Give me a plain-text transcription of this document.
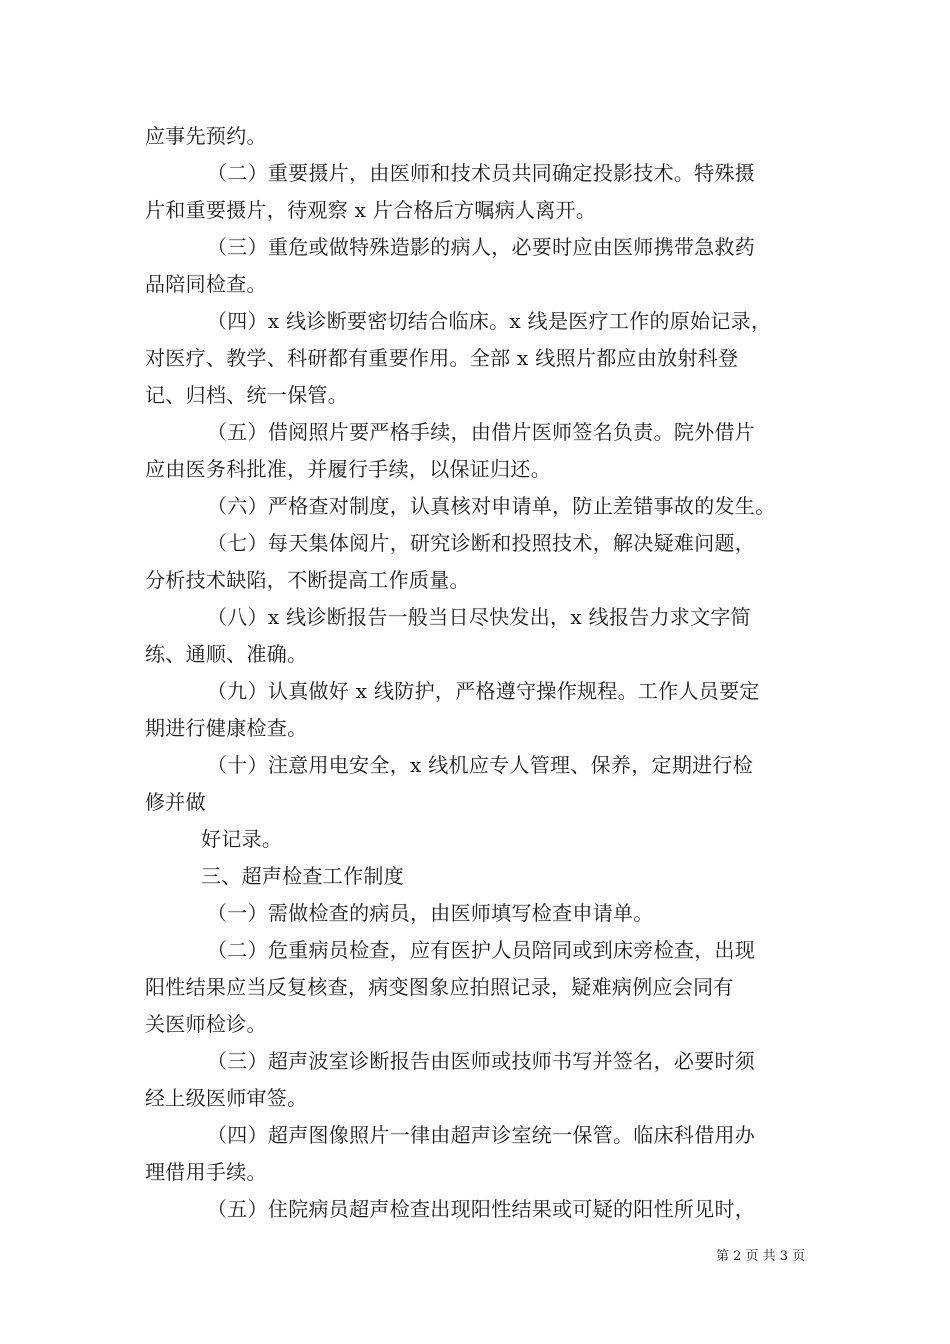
应事先预约。
（二）重要摄片，由医师和技术员共同确定投影技术。特殊摄
片和重要摄片，待观察 x 片合格后方嘱病人离开。
（三）重危或做特殊造影的病人，必要时应由医师携带急救药
品陪同检查。
（四）x 线诊断要密切结合临床。x 线是医疗工作的原始记录，
对医疗、教学、科研都有重要作用。全部 x 线照片都应由放射科登
记、归档、统一保管。
（五）借阅照片要严格手续，由借片医师签名负责。院外借片
应由医务科批准，并履行手续，以保证归还。
（六）严格查对制度，认真核对申请单，防止差错事故的发生。
（七）每天集体阅片，研究诊断和投照技术，解决疑难问题，
分析技术缺陷，不断提高工作质量。
（八）x 线诊断报告一般当日尽快发出，x 线报告力求文字简
练、通顺、准确。
（九）认真做好 x 线防护，严格遵守操作规程。工作人员要定
期进行健康检查。
（十）注意用电安全，x 线机应专人管理、保养，定期进行检
修并做
好记录。
三、超声检查工作制度
（一）需做检查的病员，由医师填写检查申请单。
（二）危重病员检查，应有医护人员陪同或到床旁检查，出现
阳性结果应当反复核查，病变图象应拍照记录，疑难病例应会同有
关医师检诊。
（三）超声波室诊断报告由医师或技师书写并签名，必要时须
经上级医师审签。
（四）超声图像照片一律由超声诊室统一保管。临床科借用办
理借用手续。
（五）住院病员超声检查出现阳性结果或可疑的阳性所见时，
第 2 页 共 3 页
